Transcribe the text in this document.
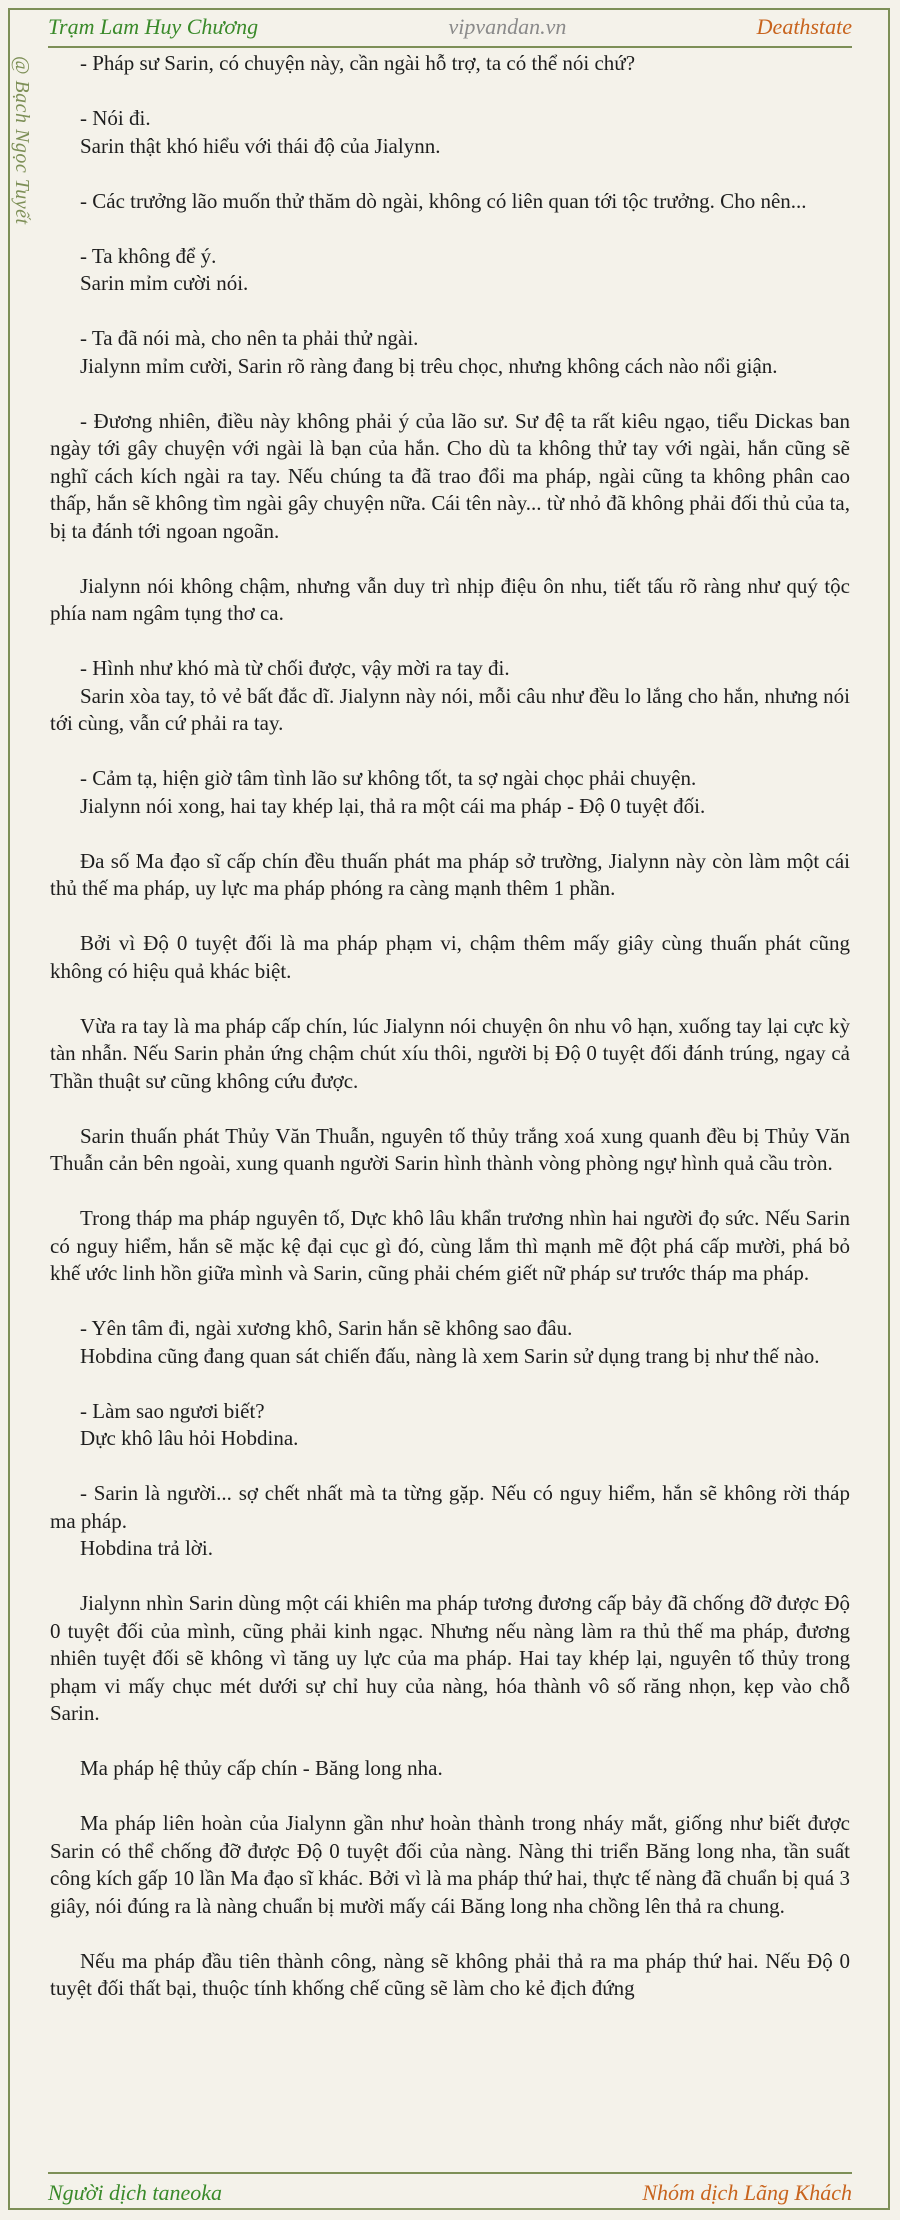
Trạm Lam Huy Chương	vipvandan.vn	Deathstate
@ Bạch Ngọc Tuyết	- Pháp sư Sarin, có chuyện này, cần ngài hỗ trợ, ta có thể nói chứ?

- Nói đi.

Sarin thật khó hiểu với thái độ của Jialynn.

- Các trưởng lão muốn thử thăm dò ngài, không có liên quan tới tộc trưởng. Cho nên...

- Ta không để ý.

Sarin mỉm cười nói.

- Ta đã nói mà, cho nên ta phải thử ngài.

Jialynn mỉm cười, Sarin rõ ràng đang bị trêu chọc, nhưng không cách nào nổi giận.

- Đương nhiên, điều này không phải ý của lão sư. Sư đệ ta rất kiêu ngạo, tiểu Dickas ban ngày tới gây chuyện với ngài là bạn của hắn. Cho dù ta không thử tay với ngài, hắn cũng sẽ nghĩ cách kích ngài ra tay. Nếu chúng ta đã trao đổi ma pháp, ngài cũng ta không phân cao thấp, hắn sẽ không tìm ngài gây chuyện nữa. Cái tên này... từ nhỏ đã không phải đối thủ của ta, bị ta đánh tới ngoan ngoãn.

Jialynn nói không chậm, nhưng vẫn duy trì nhịp điệu ôn nhu, tiết tấu rõ ràng như quý tộc phía nam ngâm tụng thơ ca.

- Hình như khó mà từ chối được, vậy mời ra tay đi.

Sarin xòa tay, tỏ vẻ bất đắc dĩ. Jialynn này nói, mỗi câu như đều lo lắng cho hắn, nhưng nói tới cùng, vẫn cứ phải ra tay.

- Cảm tạ, hiện giờ tâm tình lão sư không tốt, ta sợ ngài chọc phải chuyện.

Jialynn nói xong, hai tay khép lại, thả ra một cái ma pháp - Độ 0 tuyệt đối.

Đa số Ma đạo sĩ cấp chín đều thuấn phát ma pháp sở trường, Jialynn này còn làm một cái thủ thế ma pháp, uy lực ma pháp phóng ra càng mạnh thêm 1 phần.

Bởi vì Độ 0 tuyệt đối là ma pháp phạm vi, chậm thêm mấy giây cùng thuấn phát cũng không có hiệu quả khác biệt.

Vừa ra tay là ma pháp cấp chín, lúc Jialynn nói chuyện ôn nhu vô hạn, xuống tay lại cực kỳ tàn nhẫn. Nếu Sarin phản ứng chậm chút xíu thôi, người bị Độ 0 tuyệt đối đánh trúng, ngay cả Thần thuật sư cũng không cứu được.

Sarin thuấn phát Thủy Văn Thuẫn, nguyên tố thủy trắng xoá xung quanh đều bị Thủy Văn Thuẫn cản bên ngoài, xung quanh người Sarin hình thành vòng phòng ngự hình quả cầu tròn.

Trong tháp ma pháp nguyên tố, Dực khô lâu khẩn trương nhìn hai người đọ sức. Nếu Sarin có nguy hiểm, hắn sẽ mặc kệ đại cục gì đó, cùng lắm thì mạnh mẽ đột phá cấp mười, phá bỏ khế ước linh hồn giữa mình và Sarin, cũng phải chém giết nữ pháp sư trước tháp ma pháp.

- Yên tâm đi, ngài xương khô, Sarin hắn sẽ không sao đâu.

Hobdina cũng đang quan sát chiến đấu, nàng là xem Sarin sử dụng trang bị như thế nào.

- Làm sao ngươi biết?

Dực khô lâu hỏi Hobdina.

- Sarin là người... sợ chết nhất mà ta từng gặp. Nếu có nguy hiểm, hắn sẽ không rời tháp ma pháp.

Hobdina trả lời.

Jialynn nhìn Sarin dùng một cái khiên ma pháp tương đương cấp bảy đã chống đỡ được Độ 0 tuyệt đối của mình, cũng phải kinh ngạc. Nhưng nếu nàng làm ra thủ thế ma pháp, đương nhiên tuyệt đối sẽ không vì tăng uy lực của ma pháp. Hai tay khép lại, nguyên tố thủy trong phạm vi mấy chục mét dưới sự chỉ huy của nàng, hóa thành vô số răng nhọn, kẹp vào chỗ Sarin.

Ma pháp hệ thủy cấp chín - Băng long nha.

Ma pháp liên hoàn của Jialynn gần như hoàn thành trong nháy mắt, giống như biết được Sarin có thể chống đỡ được Độ 0 tuyệt đối của nàng. Nàng thi triển Băng long nha, tần suất công kích gấp 10 lần Ma đạo sĩ khác. Bởi vì là ma pháp thứ hai, thực tế nàng đã chuẩn bị quá 3 giây, nói đúng ra là nàng chuẩn bị mười mấy cái Băng long nha chồng lên thả ra chung.

Nếu ma pháp đầu tiên thành công, nàng sẽ không phải thả ra ma pháp thứ hai. Nếu Độ 0 tuyệt đối thất bại, thuộc tính khống chế cũng sẽ làm cho kẻ địch đứng

Người dịch taneoka	Nhóm dịch Lãng Khách
